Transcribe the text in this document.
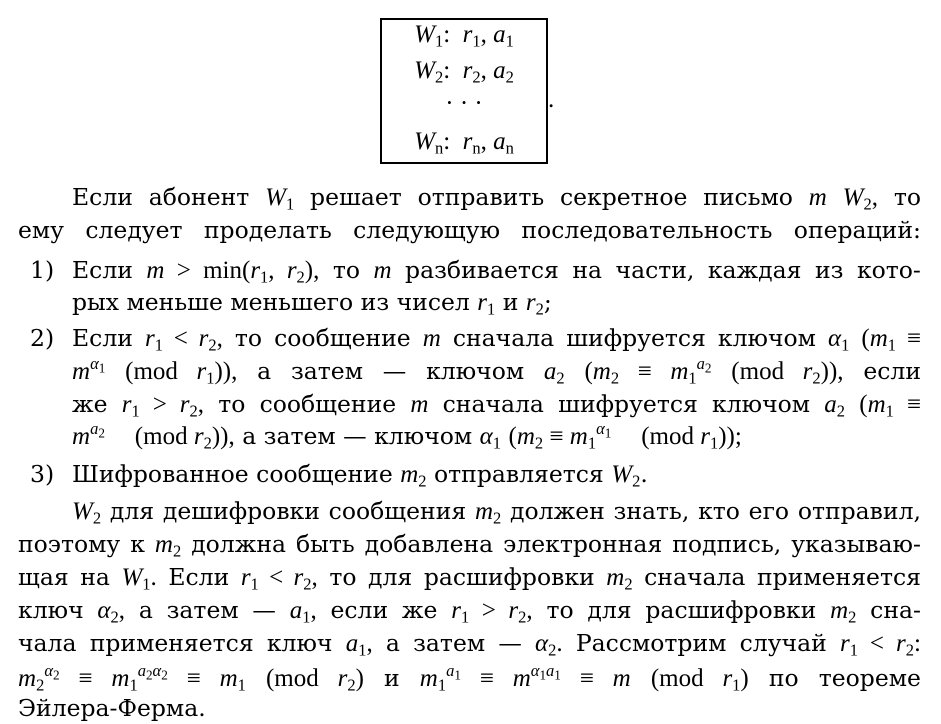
$W_1$:  $r_1$, $a_1$
$W_2$:  $r_2$, $a_2$
· · ·
$W_n$:  $r_n$, $a_n$
.
Если абонент $W_1$ решает отправить секретное письмо m $W_2$, то
ему следует проделать следующую последовательность операций:
1) Если $m > \min(r_1$, $r_2$), то m разбивается на части, каждая из кото-
рых меньше меньшего из чисел $r_1$ и $r_2$;
2) Если $r_1 < r_2$, то сообщение m сначала шифруется ключом $\alpha_1$ ($m_1$ ≡
$m^{\alpha_1}$ (mod $r_1$)), а затем — ключом $a_2$ ($m_2 \equiv m_1^{a_2}$ (mod $r_2$)), если
же $r_1 > r_2$, то сообщение m сначала шифруется ключом $a_2$ ($m_1$ ≡
$m^{a_2}$ (mod $r_2$)), а затем — ключом $\alpha_1$ ($m_2 \equiv m_1^{\alpha_1}$ (mod $r_1$));
3) Шифрованное сообщение $m_2$ отправляется $W_2$.
$W_2$ для дешифровки сообщения $m_2$ должен знать, кто его отправил,
поэтому к $m_2$ должна быть добавлена электронная подпись, указываю-
щая на $W_1$. Если $r_1 < r_2$, то для расшифровки $m_2$ сначала применяется
ключ $\alpha_2$, а затем — $a_1$, если же $r_1 > r_2$, то для расшифровки $m_2$ сна-
чала применяется ключ $a_1$, а затем — $\alpha_2$. Рассмотрим случай $r_1 < r_2$:
$m_2^{\alpha_2} \equiv m_1^{a_2\alpha_2} \equiv m_1$ (mod $r_2$) и $m_1^{a_1} \equiv m^{\alpha_1a_1} \equiv m$ (mod $r_1$) по теореме
Эйлера-Ферма.
